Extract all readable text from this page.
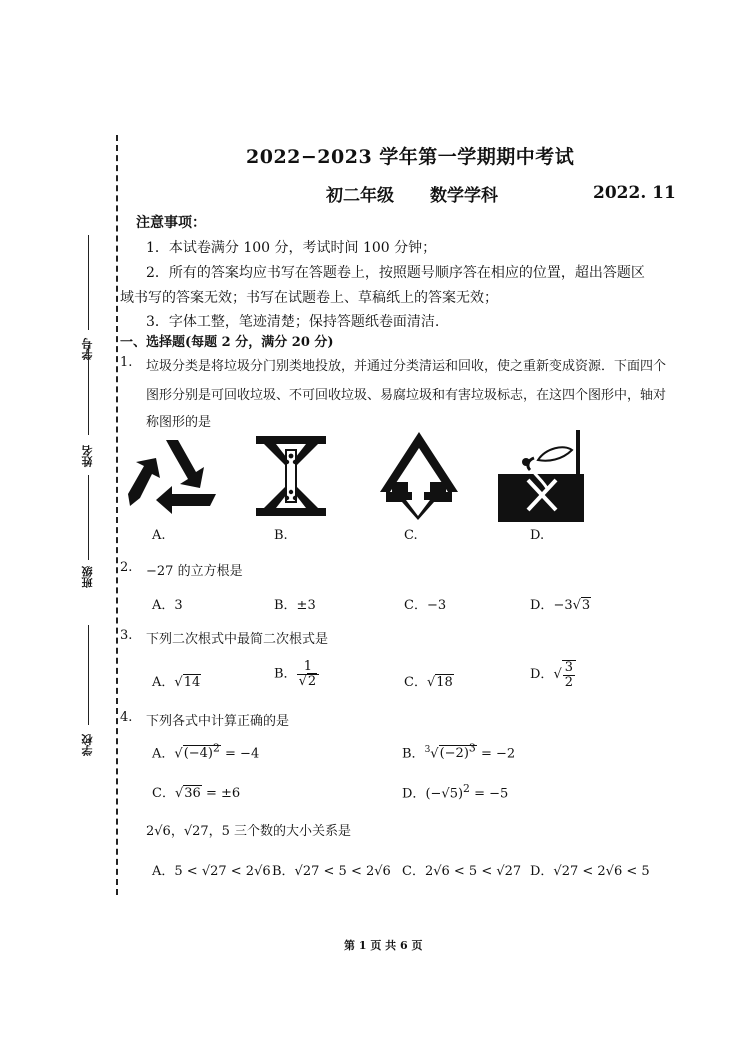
学号
姓名
班级
学校
2022−2023 学年第一学期期中考试
初二年级 数学学科	2022. 11
注意事项：
1．本试卷满分 100 分，考试时间 100 分钟；
2．所有的答案均应书写在答题卷上，按照题号顺序答在相应的位置，超出答题区
域书写的答案无效；书写在试题卷上、草稿纸上的答案无效；
3．字体工整，笔迹清楚；保持答题纸卷面清洁.
一、选择题(每题 2 分，满分 20 分)
1. 垃圾分类是将垃圾分门别类地投放，并通过分类清运和回收，使之重新变成资源．下面四个
图形分别是可回收垃圾、不可回收垃圾、易腐垃圾和有害垃圾标志，在这四个图形中，轴对
称图形的是
A.	B.	C.	D.
2. −27 的立方根是
A．3	B．±3	C．−3	D．−3√3
3. 下列二次根式中最简二次根式是
A．√14
B． $\frac{1}{√2}$	C．√18
D．√ $\frac{3}{2}$
4. 下列各式中计算正确的是
A．$√(-4)^2 = -4$	B．$^3√(-2)^3 = -2$
C．√36 = ±6	D．$(-√5)^2 = -5$
2√6，√27，5 三个数的大小关系是
A．5 < √27 < 2√6 B．√27 < 5 < 2√6 C．2√6 < 5 < √27 D．√27 < 2√6 < 5
第 1 页 共 6 页
